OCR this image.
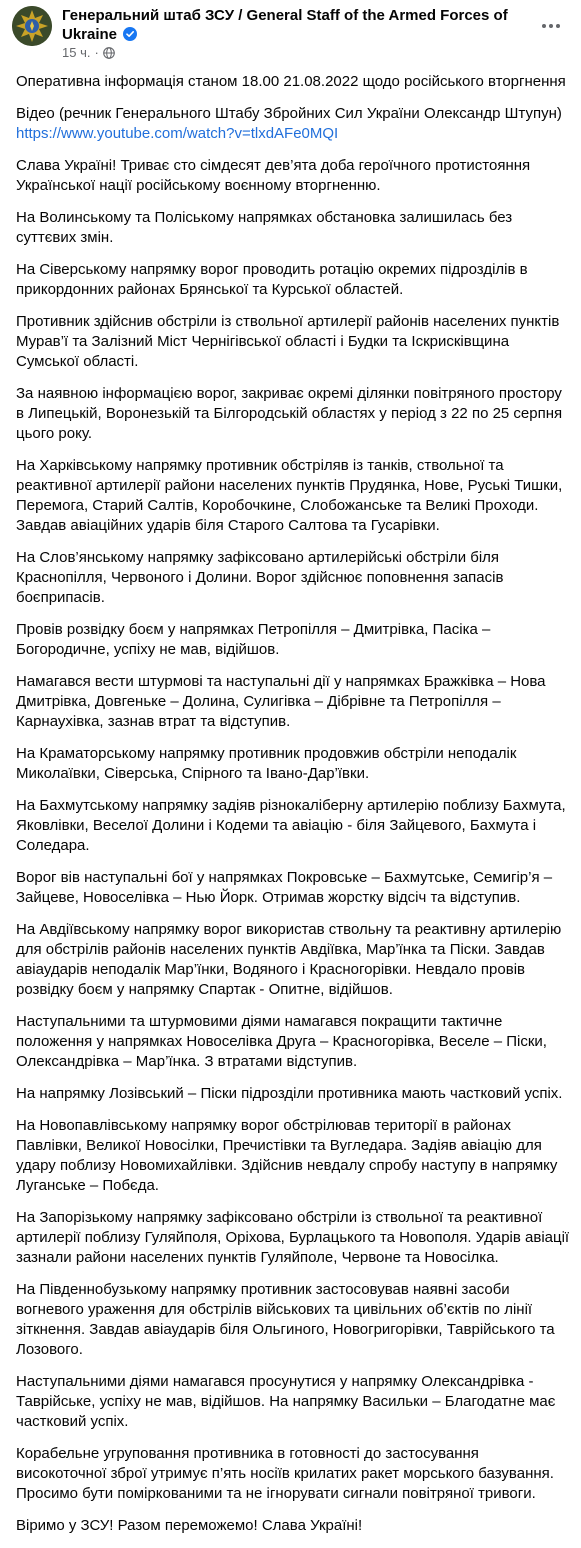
Генеральний штаб ЗСУ / General Staff of the Armed Forces of Ukraine
15 ч. ·

Оперативна інформація станом 18.00 21.08.2022 щодо російського вторгнення

Відео (речник Генерального Штабу Збройних Сил України Олександр Штупун)
https://www.youtube.com/watch?v=tlxdAFe0MQI

Слава Україні! Триває сто сімдесят дев’ята доба героїчного протистояння Української нації російському воєнному вторгненню.

На Волинському та Поліському напрямках обстановка залишилась без суттєвих змін.

На Сіверському напрямку ворог проводить ротацію окремих підрозділів в прикордонних районах Брянської та Курської областей.

Противник здійснив обстріли із ствольної артилерії районів населених пунктів Мурав’ї та Залізний Міст Чернігівської області і Будки та Іскрисківщина Сумської області.

За наявною інформацією ворог, закриває окремі ділянки повітряного простору в Липецькій, Воронезькій та Білгородській областях у період з 22 по 25 серпня цього року.

На Харківському напрямку противник обстріляв із танків, ствольної та реактивної артилерії райони населених пунктів Прудянка, Нове, Руські Тишки, Перемога, Старий Салтів, Коробочкине, Слобожанське та Великі Проходи. Завдав авіаційних ударів біля Старого Салтова та Гусарівки.

На Слов’янському напрямку зафіксовано артилерійські обстріли біля Краснопілля, Червоного і Долини. Ворог здійснює поповнення запасів боєприпасів.

Провів розвідку боєм у напрямках Петропілля – Дмитрівка, Пасіка – Богородичне, успіху не мав, відійшов.

Намагався вести штурмові та наступальні дії у напрямках Бражківка – Нова Дмитрівка, Довгеньке – Долина, Сулигівка – Дібрівне та Петропілля – Карнаухівка, зазнав втрат та відступив.

На Краматорському напрямку противник продовжив обстріли неподалік Миколаївки, Сіверська, Спірного та Івано-Дар’ївки.

На Бахмутському напрямку задіяв різнокаліберну артилерію поблизу Бахмута, Яковлівки, Веселої Долини і Кодеми та авіацію - біля Зайцевого, Бахмута і Соледара.

Ворог вів наступальні бої у напрямках Покровське – Бахмутське, Семигір’я – Зайцеве, Новоселівка – Нью Йорк. Отримав жорстку відсіч та відступив.

На Авдіївському напрямку ворог використав ствольну та реактивну артилерію для обстрілів районів населених пунктів Авдіївка, Мар’їнка та Піски. Завдав авіаударів неподалік Мар’їнки, Водяного і Красногорівки. Невдало провів розвідку боєм у напрямку Спартак - Опитне, відійшов.

Наступальними та штурмовими діями намагався покращити тактичне положення у напрямках Новоселівка Друга – Красногорівка, Веселе – Піски, Олександрівка – Мар’їнка. З втратами відступив.

На напрямку Лозівський – Піски підрозділи противника мають частковий успіх.

На Новопавлівському напрямку ворог обстрілював території в районах Павлівки, Великої Новосілки, Пречистівки та Вугледара. Задіяв авіацію для удару поблизу Новомихайлівки. Здійснив невдалу спробу наступу в напрямку Луганське – Побєда.

На Запорізькому напрямку зафіксовано обстріли із ствольної та реактивної артилерії поблизу Гуляйполя, Оріхова, Бурлацького та Новополя. Ударів авіації зазнали райони населених пунктів Гуляйполе, Червоне та Новосілка.

На Південнобузькому напрямку противник застосовував наявні засоби вогневого ураження для обстрілів військових та цивільних об’єктів по лінії зіткнення. Завдав авіаударів біля Ольгиного, Новогригорівки, Таврійського та Лозового.

Наступальними діями намагався просунутися у напрямку Олександрівка - Таврійське, успіху не мав, відійшов. На напрямку Васильки – Благодатне має частковий успіх.

Корабельне угруповання противника в готовності до застосування високоточної зброї утримує п’ять носіїв крилатих ракет морського базування. Просимо бути поміркованими та не ігнорувати сигнали повітряної тривоги.

Віримо у ЗСУ! Разом переможемо! Слава Україні!
